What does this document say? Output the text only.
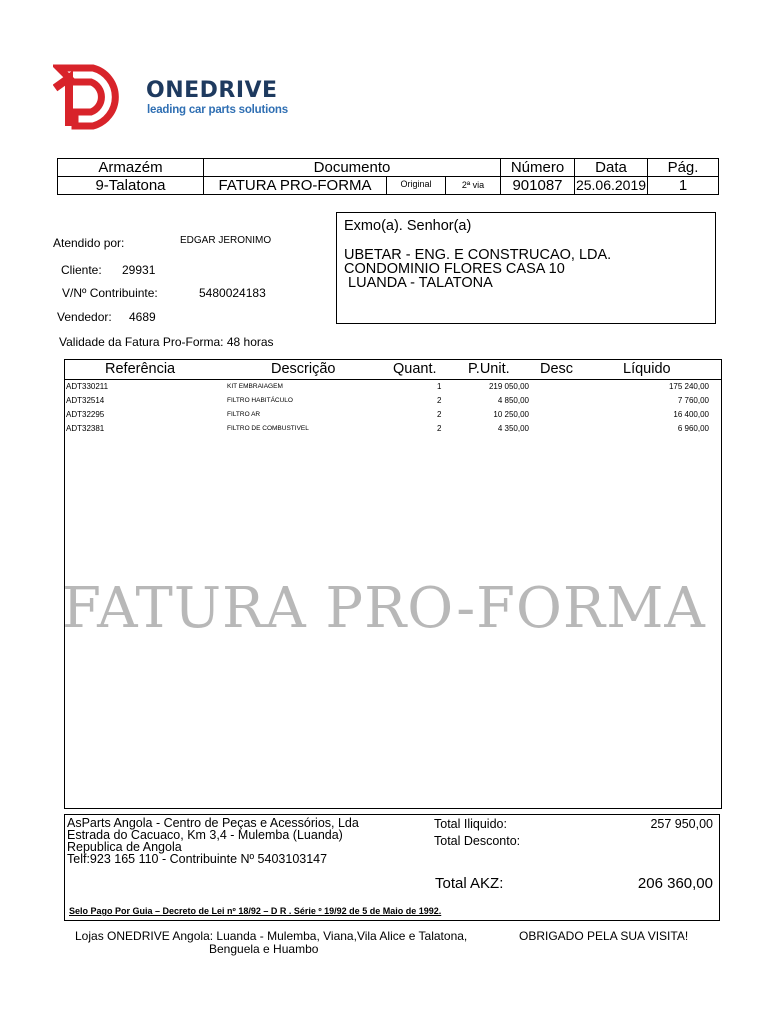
ONEDRIVE
leading car parts solutions
Armazém	Documento	Número	Data	Pág.
9-Talatona	FATURA PRO-FORMA	Original	2ª via	901087 25.06.2019	1
Atendido por:	EDGAR JERONIMO
Cliente: 29931
V/Nº Contribuinte:	5480024183
Vendedor: 4689
Validade da Fatura Pro-Forma: 48 horas
Exmo(a). Senhor(a)
UBETAR - ENG. E CONSTRUCAO, LDA.
CONDOMINIO FLORES CASA 10
LUANDA - TALATONA
Referência	Descrição	Quant. P.Unit. Desc	Líquido
ADT330211	KIT EMBRAIAGEM	1	219 050,00	175 240,00
ADT32514	FILTRO HABITÁCULO	2	4 850,00	7 760,00
ADT32295	FILTRO AR	2	10 250,00	16 400,00
ADT32381	FILTRO DE COMBUSTIVEL	2	4 350,00	6 960,00
FATURA PRO-FORMA
AsParts Angola - Centro de Peças e Acessórios, Lda
Estrada do Cacuaco, Km 3,4 - Mulemba (Luanda)
Republica de Angola
Telf:923 165 110 - Contribuinte Nº 5403103147
Total Iliquido:	257 950,00
Total Desconto:
Total AKZ:	206 360,00
Selo Pago Por Guia – Decreto de Lei nº 18/92 – D R . Série º 19/92 de 5 de Maio de 1992.
Lojas ONEDRIVE Angola: Luanda - Mulemba, Viana,Vila Alice e Talatona,
Benguela e Huambo
OBRIGADO PELA SUA VISITA!
